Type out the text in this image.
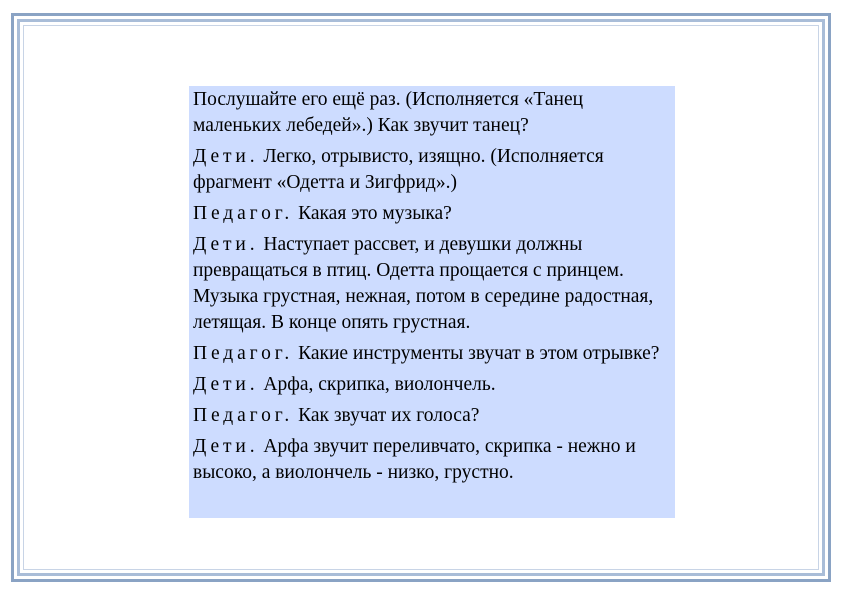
Послушайте его ещё раз. (Исполняется «Танец маленьких лебедей».) Как звучит танец?

Дети. Легко, отрывисто, изящно. (Исполняется фрагмент «Одетта и Зигфрид».)

Педагог. Какая это музыка?

Дети. Наступает рассвет, и девушки должны превращаться в птиц. Одетта прощается с принцем. Музыка грустная, нежная, потом в середине радостная, летящая. В конце опять грустная.

Педагог. Какие инструменты звучат в этом отрывке?

Дети. Арфа, скрипка, виолончель.

Педагог. Как звучат их голоса?

Дети. Арфа звучит переливчато, скрипка - нежно и высоко, а виолончель - низко, грустно.
